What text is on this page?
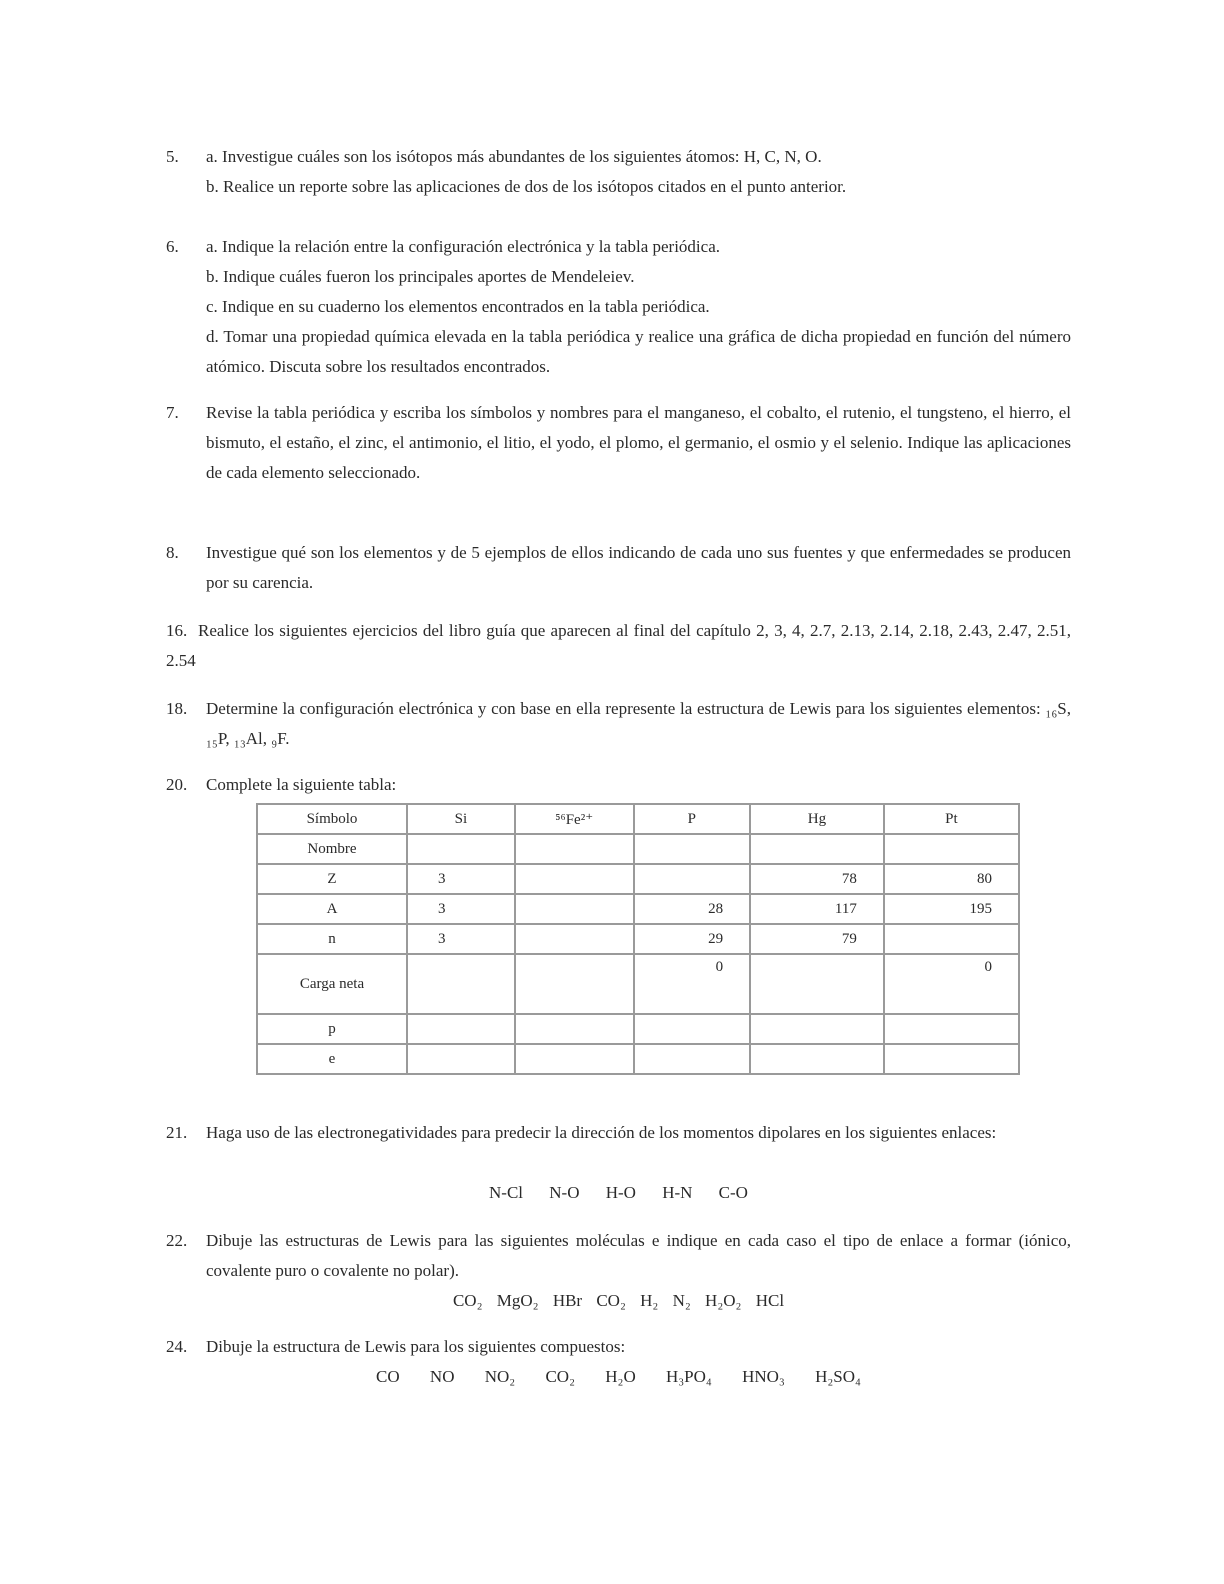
5. a. Investigue cuáles son los isótopos más abundantes de los siguientes átomos: H, C, N, O.
b. Realice un reporte sobre las aplicaciones de dos de los isótopos citados en el punto anterior.
6. a. Indique la relación entre la configuración electrónica y la tabla periódica.
b. Indique cuáles fueron los principales aportes de Mendeleiev.
c. Indique en su cuaderno los elementos encontrados en la tabla periódica.
d. Tomar una propiedad química elevada en la tabla periódica y realice una gráfica de dicha propiedad en función del número atómico. Discuta sobre los resultados encontrados.
7. Revise la tabla periódica y escriba los símbolos y nombres para el manganeso, el cobalto, el rutenio, el tungsteno, el hierro, el bismuto, el estaño, el zinc, el antimonio, el litio, el yodo, el plomo, el germanio, el osmio y el selenio. Indique las aplicaciones de cada elemento seleccionado.
8. Investigue qué son los elementos y de 5 ejemplos de ellos indicando de cada uno sus fuentes y que enfermedades se producen por su carencia.
16. Realice los siguientes ejercicios del libro guía que aparecen al final del capítulo 2, 3, 4, 2.7, 2.13, 2.14, 2.18, 2.43, 2.47, 2.51, 2.54
18. Determine la configuración electrónica y con base en ella represente la estructura de Lewis para los siguientes elementos: ₁₆S, ₁₅P, ₁₃Al, ₉F.
20. Complete la siguiente tabla:
Símbolo	Si	⁵⁶Fe²⁺	P	Hg	Pt
Nombre					
Z	3			78	80
A	3		28	117	195
n	3		29	79	
Carga neta			0		0
p					
e					
21. Haga uso de las electronegatividades para predecir la dirección de los momentos dipolares en los siguientes enlaces:
N-Cl N-O H-O H-N C-O
22. Dibuje las estructuras de Lewis para las siguientes moléculas e indique en cada caso el tipo de enlace a formar (iónico, covalente puro o covalente no polar).
CO₂ MgO₂ HBr CO₂ H₂ N₂ H₂O₂ HCl
24. Dibuje la estructura de Lewis para los siguientes compuestos:
CO NO NO₂ CO₂ H₂O H₃PO₄ HNO₃ H₂SO₄
